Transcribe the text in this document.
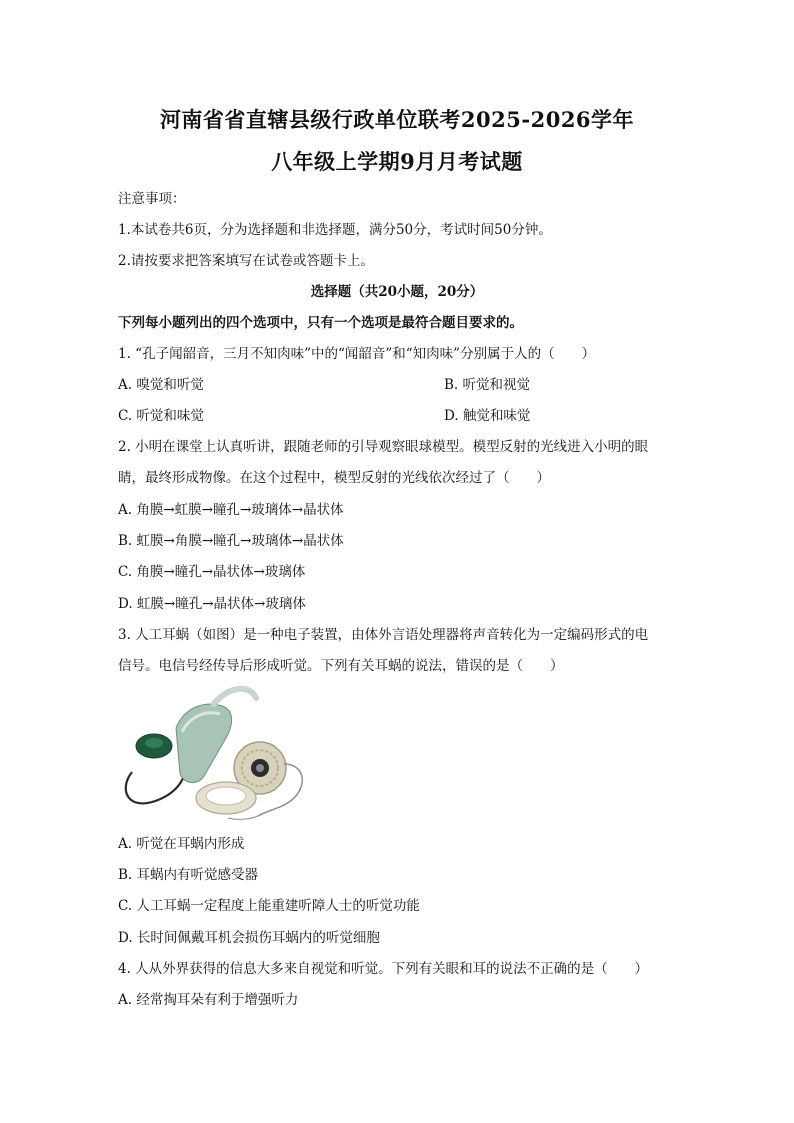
河南省省直辖县级行政单位联考2025-2026学年
八年级上学期9月月考试题
注意事项：
1.本试卷共6页，分为选择题和非选择题，满分50分，考试时间50分钟。
2.请按要求把答案填写在试卷或答题卡上。
选择题（共20小题，20分）
下列每小题列出的四个选项中，只有一个选项是最符合题目要求的。
1. “孔子闻韶音，三月不知肉味”中的“闻韶音”和“知肉味”分别属于人的（　　）
A. 嗅觉和听觉	B. 听觉和视觉
C. 听觉和味觉	D. 触觉和味觉
2. 小明在课堂上认真听讲，跟随老师的引导观察眼球模型。模型反射的光线进入小明的眼
睛，最终形成物像。在这个过程中，模型反射的光线依次经过了（　　）
A. 角膜→虹膜→瞳孔→玻璃体→晶状体
B. 虹膜→角膜→瞳孔→玻璃体→晶状体
C. 角膜→瞳孔→晶状体→玻璃体
D. 虹膜→瞳孔→晶状体→玻璃体
3. 人工耳蜗（如图）是一种电子装置，由体外言语处理器将声音转化为一定编码形式的电
信号。电信号经传导后形成听觉。下列有关耳蜗的说法，错误的是（　　）
A. 听觉在耳蜗内形成
B. 耳蜗内有听觉感受器
C. 人工耳蜗一定程度上能重建听障人士的听觉功能
D. 长时间佩戴耳机会损伤耳蜗内的听觉细胞
4. 人从外界获得的信息大多来自视觉和听觉。下列有关眼和耳的说法不正确的是（　　）
A. 经常掏耳朵有利于增强听力
